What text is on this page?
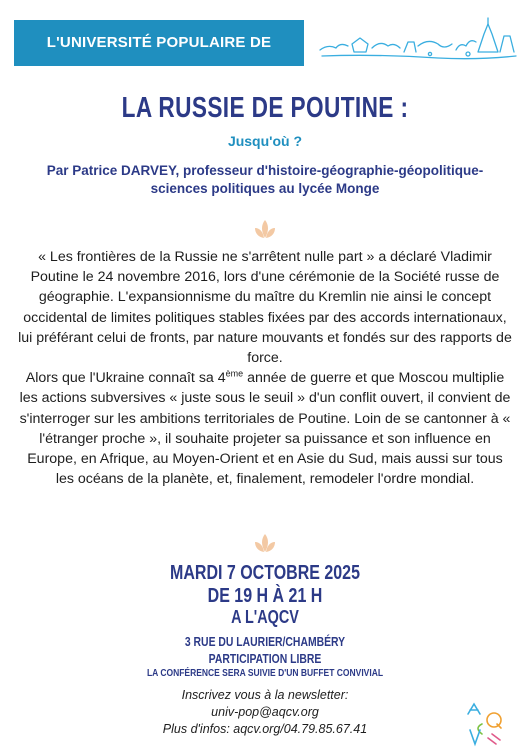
L'UNIVERSITÉ POPULAIRE DE CHAMBÉRY
LA RUSSIE DE POUTINE :
Jusqu'où ?
Par Patrice DARVEY, professeur d'histoire-géographie-géopolitique-
sciences politiques au lycée Monge

« Les frontières de la Russie ne s'arrêtent nulle part » a déclaré Vladimir Poutine le 24 novembre 2016, lors d'une cérémonie de la Société russe de géographie. L'expansionnisme du maître du Kremlin nie ainsi le concept occidental de limites politiques stables fixées par des accords internationaux, lui préférant celui de fronts, par nature mouvants et fondés sur des rapports de force.

Alors que l'Ukraine connaît sa 4ème année de guerre et que Moscou multiplie les actions subversives « juste sous le seuil » d'un conflit ouvert, il convient de s'interroger sur les ambitions territoriales de Poutine. Loin de se cantonner à « l'étranger proche », il souhaite projeter sa puissance et son influence en Europe, en Afrique, au Moyen-Orient et en Asie du Sud, mais aussi sur tous les océans de la planète, et, finalement, remodeler l'ordre mondial.

MARDI 7 OCTOBRE 2025
DE 19 H À 21 H
A L'AQCV
3 RUE DU LAURIER/CHAMBÉRY
PARTICIPATION LIBRE
LA CONFÉRENCE SERA SUIVIE D'UN BUFFET CONVIVIAL
Inscrivez vous à la newsletter:
univ-pop@aqcv.org
Plus d'infos: aqcv.org/04.79.85.67.41
